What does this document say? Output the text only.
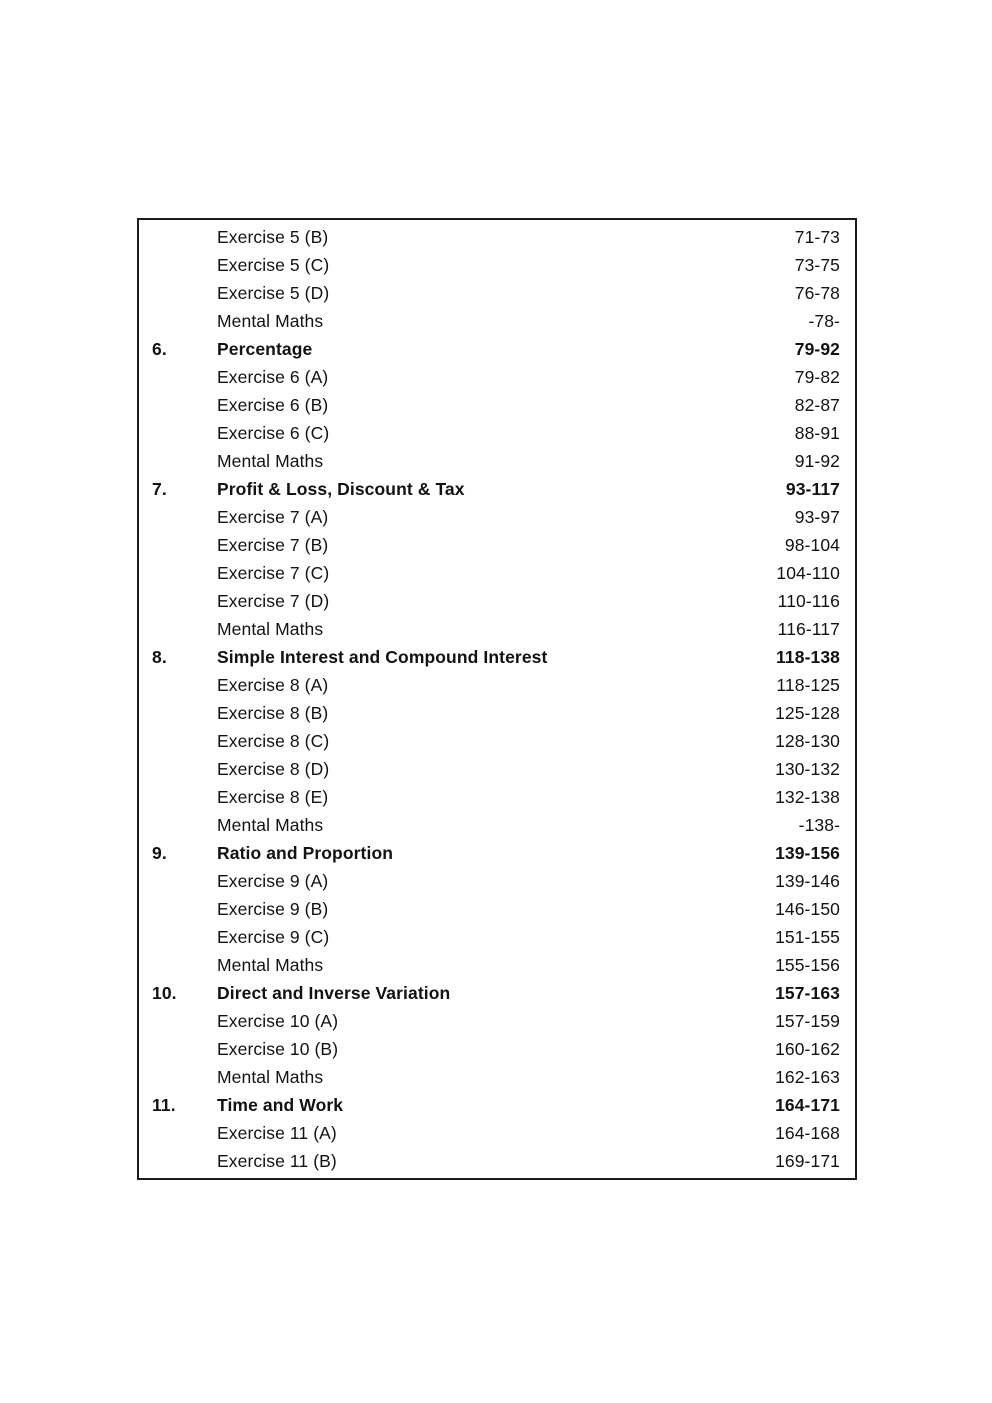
Exercise 5 (B)	71-73
Exercise 5 (C)	73-75
Exercise 5 (D)	76-78
Mental Maths	-78-
6.	Percentage	79-92
Exercise 6 (A)	79-82
Exercise 6 (B)	82-87
Exercise 6 (C)	88-91
Mental Maths	91-92
7.	Profit & Loss, Discount & Tax	93-117
Exercise 7 (A)	93-97
Exercise 7 (B)	98-104
Exercise 7 (C)	104-110
Exercise 7 (D)	110-116
Mental Maths	116-117
8.	Simple Interest and Compound Interest	118-138
Exercise 8 (A)	118-125
Exercise 8 (B)	125-128
Exercise 8 (C)	128-130
Exercise 8 (D)	130-132
Exercise 8 (E)	132-138
Mental Maths	-138-
9.	Ratio and Proportion	139-156
Exercise 9 (A)	139-146
Exercise 9 (B)	146-150
Exercise 9 (C)	151-155
Mental Maths	155-156
10.	Direct and Inverse Variation	157-163
Exercise 10 (A)	157-159
Exercise 10 (B)	160-162
Mental Maths	162-163
11.	Time and Work	164-171
Exercise 11 (A)	164-168
Exercise 11 (B)	169-171
